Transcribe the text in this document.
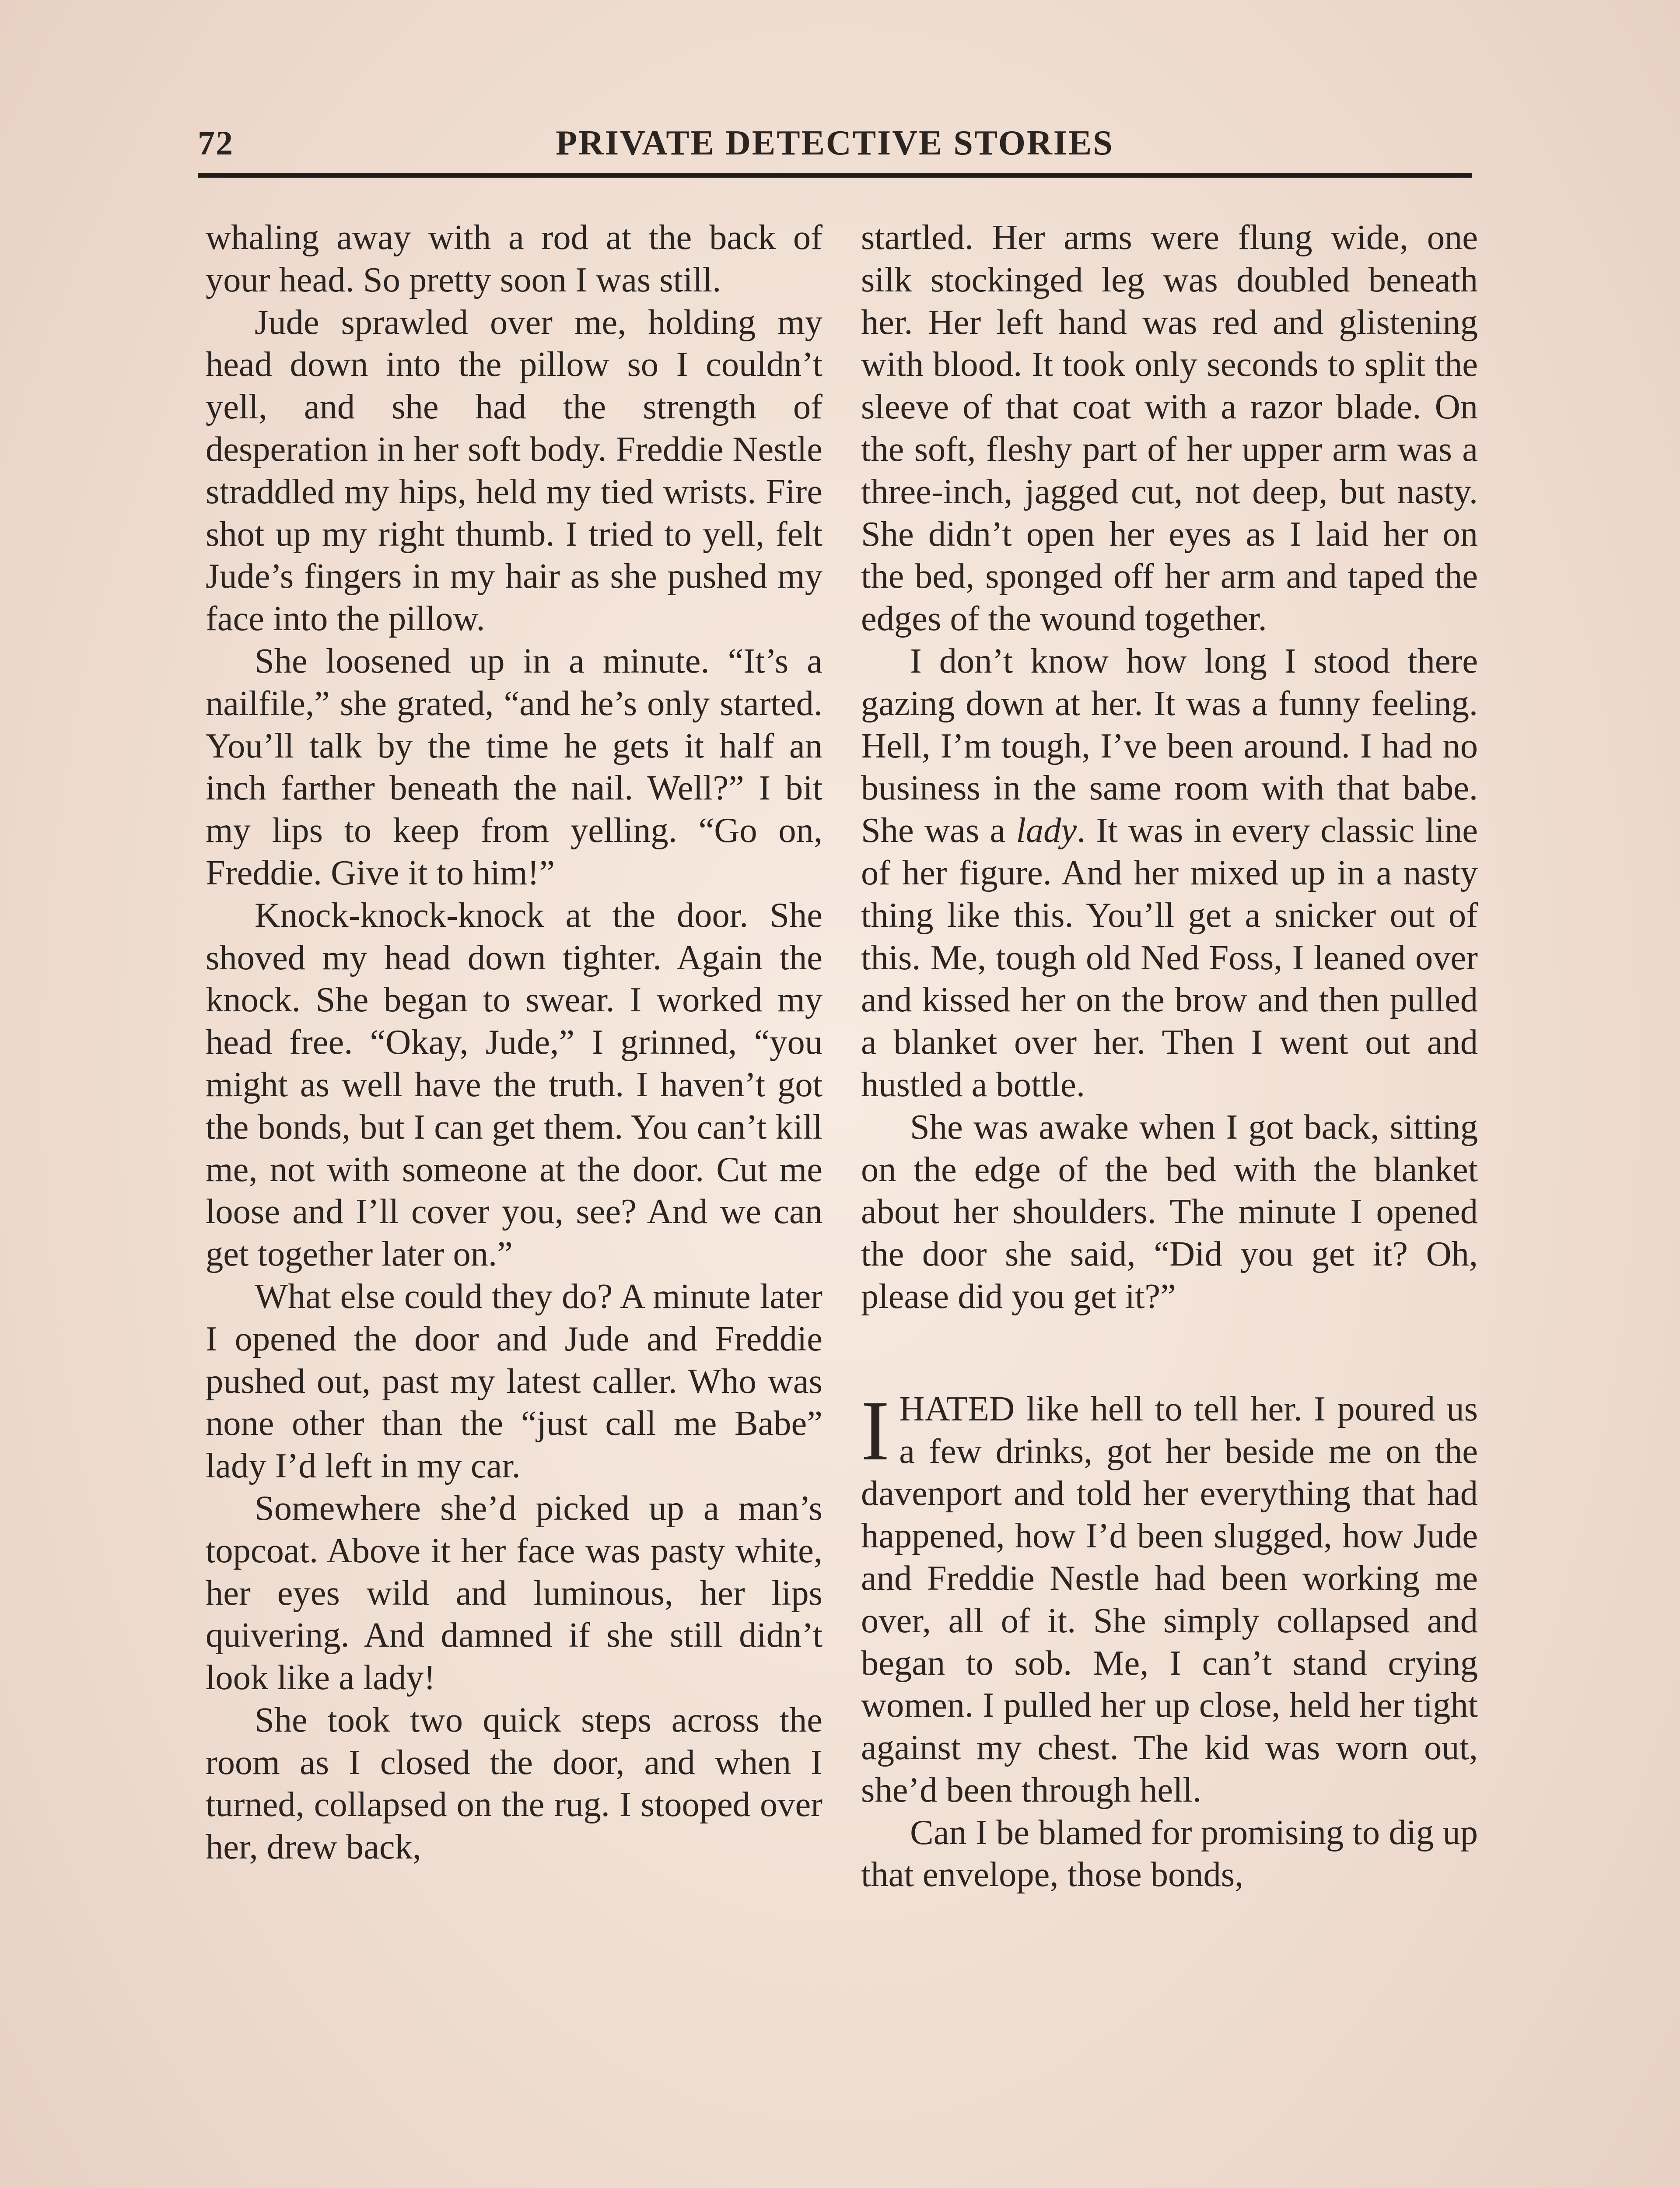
72	PRIVATE DETECTIVE STORIES

whaling away with a rod at the back of your head. So pretty soon I was still.

Jude sprawled over me, holding my head down into the pillow so I couldn’t yell, and she had the strength of desperation in her soft body. Freddie Nestle straddled my hips, held my tied wrists. Fire shot up my right thumb. I tried to yell, felt Jude’s fingers in my hair as she pushed my face into the pillow.

She loosened up in a minute. “It’s a nailfile,” she grated, “and he’s only started. You’ll talk by the time he gets it half an inch farther beneath the nail. Well?” I bit my lips to keep from yelling. “Go on, Freddie. Give it to him!”

Knock-knock-knock at the door. She shoved my head down tighter. Again the knock. She began to swear. I worked my head free. “Okay, Jude,” I grinned, “you might as well have the truth. I haven’t got the bonds, but I can get them. You can’t kill me, not with someone at the door. Cut me loose and I’ll cover you, see? And we can get together later on.”

What else could they do? A minute later I opened the door and Jude and Freddie pushed out, past my latest caller. Who was none other than the “just call me Babe” lady I’d left in my car.

Somewhere she’d picked up a man’s topcoat. Above it her face was pasty white, her eyes wild and luminous, her lips quivering. And damned if she still didn’t look like a lady!

She took two quick steps across the room as I closed the door, and when I turned, collapsed on the rug. I stooped over her, drew back,

startled. Her arms were flung wide, one silk stockinged leg was doubled beneath her. Her left hand was red and glistening with blood. It took only seconds to split the sleeve of that coat with a razor blade. On the soft, fleshy part of her upper arm was a three-inch, jagged cut, not deep, but nasty. She didn’t open her eyes as I laid her on the bed, sponged off her arm and taped the edges of the wound together.

I don’t know how long I stood there gazing down at her. It was a funny feeling. Hell, I’m tough, I’ve been around. I had no business in the same room with that babe. She was a lady. It was in every classic line of her figure. And her mixed up in a nasty thing like this. You’ll get a snicker out of this. Me, tough old Ned Foss, I leaned over and kissed her on the brow and then pulled a blanket over her. Then I went out and hustled a bottle.

She was awake when I got back, sitting on the edge of the bed with the blanket about her shoulders. The minute I opened the door she said, “Did you get it? Oh, please did you get it?”

I HATED like hell to tell her. I poured us a few drinks, got her beside me on the davenport and told her everything that had happened, how I’d been slugged, how Jude and Freddie Nestle had been working me over, all of it. She simply collapsed and began to sob. Me, I can’t stand crying women. I pulled her up close, held her tight against my chest. The kid was worn out, she’d been through hell.

Can I be blamed for promising to dig up that envelope, those bonds,
